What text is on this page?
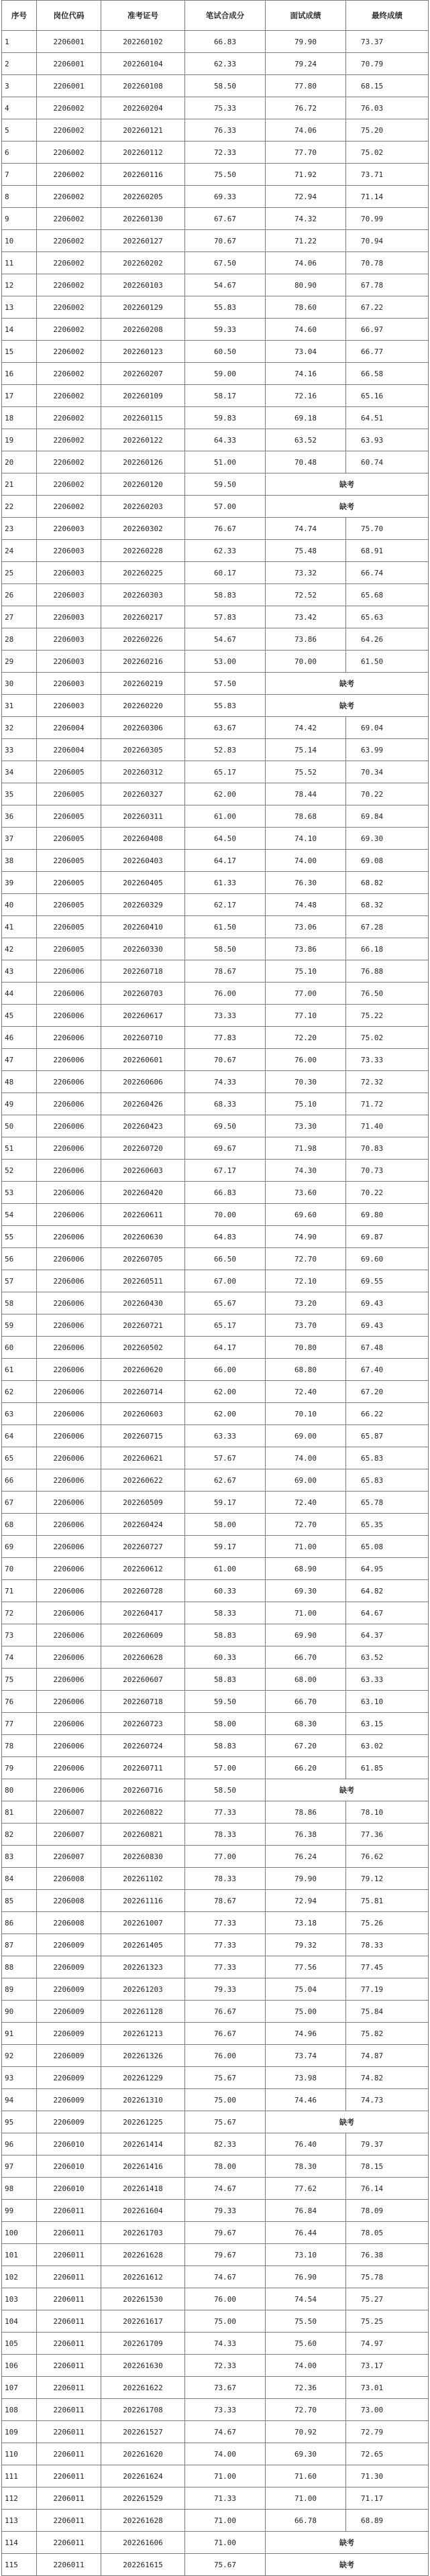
序号	岗位代码	准考证号	笔试合成分	面试成绩	最终成绩
1	2206001	202260102	66.83	79.90	73.37
2	2206001	202260104	62.33	79.24	70.79
3	2206001	202260108	58.50	77.80	68.15
4	2206002	202260204	75.33	76.72	76.03
5	2206002	202260121	76.33	74.06	75.20
6	2206002	202260112	72.33	77.70	75.02
7	2206002	202260116	75.50	71.92	73.71
8	2206002	202260205	69.33	72.94	71.14
9	2206002	202260130	67.67	74.32	70.99
10	2206002	202260127	70.67	71.22	70.94
11	2206002	202260202	67.50	74.06	70.78
12	2206002	202260103	54.67	80.90	67.78
13	2206002	202260129	55.83	78.60	67.22
14	2206002	202260208	59.33	74.60	66.97
15	2206002	202260123	60.50	73.04	66.77
16	2206002	202260207	59.00	74.16	66.58
17	2206002	202260109	58.17	72.16	65.16
18	2206002	202260115	59.83	69.18	64.51
19	2206002	202260122	64.33	63.52	63.93
20	2206002	202260126	51.00	70.48	60.74
21	2206002	202260120	59.50	缺考	
22	2206002	202260203	57.00	缺考	
23	2206003	202260302	76.67	74.74	75.70
24	2206003	202260228	62.33	75.48	68.91
25	2206003	202260225	60.17	73.32	66.74
26	2206003	202260303	58.83	72.52	65.68
27	2206003	202260217	57.83	73.42	65.63
28	2206003	202260226	54.67	73.86	64.26
29	2206003	202260216	53.00	70.00	61.50
30	2206003	202260219	57.50	缺考	
31	2206003	202260220	55.83	缺考	
32	2206004	202260306	63.67	74.42	69.04
33	2206004	202260305	52.83	75.14	63.99
34	2206005	202260312	65.17	75.52	70.34
35	2206005	202260327	62.00	78.44	70.22
36	2206005	202260311	61.00	78.68	69.84
37	2206005	202260408	64.50	74.10	69.30
38	2206005	202260403	64.17	74.00	69.08
39	2206005	202260405	61.33	76.30	68.82
40	2206005	202260329	62.17	74.48	68.32
41	2206005	202260410	61.50	73.06	67.28
42	2206005	202260330	58.50	73.86	66.18
43	2206006	202260718	78.67	75.10	76.88
44	2206006	202260703	76.00	77.00	76.50
45	2206006	202260617	73.33	77.10	75.22
46	2206006	202260710	77.83	72.20	75.02
47	2206006	202260601	70.67	76.00	73.33
48	2206006	202260606	74.33	70.30	72.32
49	2206006	202260426	68.33	75.10	71.72
50	2206006	202260423	69.50	73.30	71.40
51	2206006	202260720	69.67	71.98	70.83
52	2206006	202260603	67.17	74.30	70.73
53	2206006	202260420	66.83	73.60	70.22
54	2206006	202260611	70.00	69.60	69.80
55	2206006	202260630	64.83	74.90	69.87
56	2206006	202260705	66.50	72.70	69.60
57	2206006	202260511	67.00	72.10	69.55
58	2206006	202260430	65.67	73.20	69.43
59	2206006	202260721	65.17	73.70	69.43
60	2206006	202260502	64.17	70.80	67.48
61	2206006	202260620	66.00	68.80	67.40
62	2206006	202260714	62.00	72.40	67.20
63	2206006	202260603	62.00	70.10	66.22
64	2206006	202260715	63.33	69.00	65.87
65	2206006	202260621	57.67	74.00	65.83
66	2206006	202260622	62.67	69.00	65.83
67	2206006	202260509	59.17	72.40	65.78
68	2206006	202260424	58.00	72.70	65.35
69	2206006	202260727	59.17	71.00	65.08
70	2206006	202260612	61.00	68.90	64.95
71	2206006	202260728	60.33	69.30	64.82
72	2206006	202260417	58.33	71.00	64.67
73	2206006	202260609	58.83	69.90	64.37
74	2206006	202260628	60.33	66.70	63.52
75	2206006	202260607	58.83	68.00	63.33
76	2206006	202260718	59.50	66.70	63.10
77	2206006	202260723	58.00	68.30	63.15
78	2206006	202260724	58.83	67.20	63.02
79	2206006	202260711	57.00	66.20	61.85
80	2206006	202260716	58.50	缺考	
81	2206007	202260822	77.33	78.86	78.10
82	2206007	202260821	78.33	76.38	77.36
83	2206007	202260830	77.00	76.24	76.62
84	2206008	202261102	78.33	79.90	79.12
85	2206008	202261116	78.67	72.94	75.81
86	2206008	202261007	77.33	73.18	75.26
87	2206009	202261405	77.33	79.32	78.33
88	2206009	202261323	77.33	77.56	77.45
89	2206009	202261203	79.33	75.04	77.19
90	2206009	202261128	76.67	75.00	75.84
91	2206009	202261213	76.67	74.96	75.82
92	2206009	202261326	76.00	73.74	74.87
93	2206009	202261229	75.67	73.98	74.82
94	2206009	202261310	75.00	74.46	74.73
95	2206009	202261225	75.67	缺考	
96	2206010	202261414	82.33	76.40	79.37
97	2206010	202261416	78.00	78.30	78.15
98	2206010	202261418	74.67	77.62	76.14
99	2206011	202261604	79.33	76.84	78.09
100	2206011	202261703	79.67	76.44	78.05
101	2206011	202261628	79.67	73.10	76.38
102	2206011	202261612	74.67	76.90	75.78
103	2206011	202261530	76.00	74.54	75.27
104	2206011	202261617	75.00	75.50	75.25
105	2206011	202261709	74.33	75.60	74.97
106	2206011	202261630	72.33	74.00	73.17
107	2206011	202261622	73.67	72.36	73.01
108	2206011	202261708	73.33	72.70	73.00
109	2206011	202261527	74.67	70.92	72.79
110	2206011	202261620	74.00	69.30	72.65
111	2206011	202261624	71.00	71.60	71.30
112	2206011	202261529	71.33	71.00	71.17
113	2206011	202261628	71.00	66.78	68.89
114	2206011	202261606	71.00	缺考	
115	2206011	202261615	75.67	缺考	
